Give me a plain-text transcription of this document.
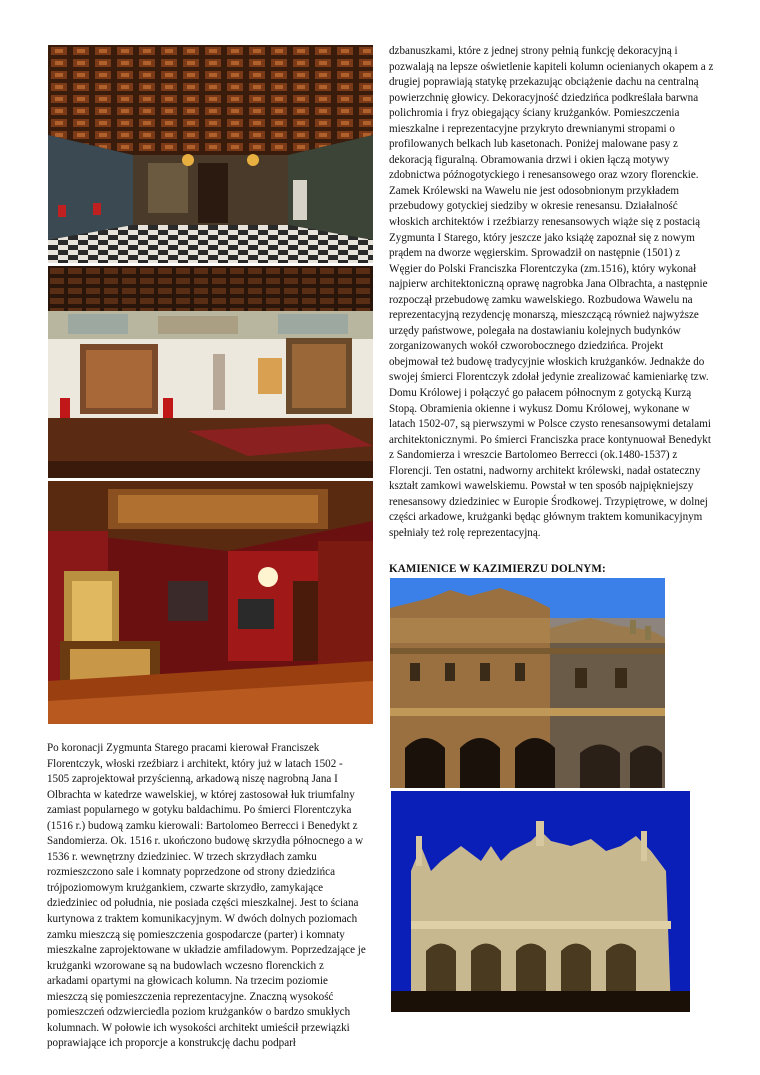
dzbanuszkami, które z jednej strony pełnią funkcję dekoracyjną i pozwalają na lepsze oświetlenie kapiteli kolumn ocienianych okapem a z drugiej poprawiają statykę przekazując obciążenie dachu na centralną powierzchnię głowicy. Dekoracyjność dziedzińca podkreślała barwna polichromia i fryz obiegający ściany krużganków. Pomieszczenia mieszkalne i reprezentacyjne przykryto drewnianymi stropami o profilowanych belkach lub kasetonach. Poniżej malowane pasy z dekoracją figuralną. Obramowania drzwi i okien łączą motywy zdobnictwa późnogotyckiego i renesansowego oraz wzory florenckie. Zamek Królewski na Wawelu nie jest odosobnionym przykładem przebudowy gotyckiej siedziby w okresie renesansu. Działalność włoskich architektów i rzeźbiarzy renesansowych wiąże się z postacią Zygmunta I Starego, który jeszcze jako książę zapoznał się z nowym prądem na dworze węgierskim. Sprowadził on następnie (1501) z Węgier do Polski Franciszka Florentczyka (zm.1516), który wykonał najpierw architektoniczną oprawę nagrobka Jana Olbrachta, a następnie rozpoczął przebudowę zamku wawelskiego. Rozbudowa Wawelu na reprezentacyjną rezydencję monarszą, mieszczącą również najwyższe urzędy państwowe, polegała na dostawianiu kolejnych budynków zorganizowanych wokół czworobocznego dziedzińca. Projekt obejmował też budowę tradycyjnie włoskich krużganków. Jednakże do swojej śmierci Florentczyk zdołał jedynie zrealizować kamieniarkę tzw. Domu Królowej i połączyć go pałacem północnym z gotycką Kurzą Stopą. Obramienia okienne i wykusz Domu Królowej, wykonane w latach 1502-07, są pierwszymi w Polsce czysto renesansowymi detalami architektonicznymi. Po śmierci Franciszka prace kontynuował Benedykt z Sandomierza i wreszcie Bartolomeo Berrecci (ok.1480-1537) z Florencji. Ten ostatni, nadworny architekt królewski, nadał ostateczny kształt zamkowi wawelskiemu. Powstał w ten sposób najpiękniejszy renesansowy dziedziniec w Europie Środkowej. Trzypiętrowe, w dolnej części arkadowe, krużganki będąc głównym traktem komunikacyjnym spełniały też rolę reprezentacyjną.

KAMIENICE W KAZIMIERZU DOLNYM:

Po koronacji Zygmunta Starego pracami kierował Franciszek Florentczyk, włoski rzeźbiarz i architekt, który już w latach 1502 - 1505 zaprojektował przyścienną, arkadową niszę nagrobną Jana I Olbrachta w katedrze wawelskiej, w której zastosował łuk triumfalny zamiast popularnego w gotyku baldachimu. Po śmierci Florentczyka (1516 r.) budową zamku kierowali: Bartolomeo Berrecci i Benedykt z Sandomierza. Ok. 1516 r. ukończono budowę skrzydła północnego a w 1536 r. wewnętrzny dziedziniec. W trzech skrzydłach zamku rozmieszczono sale i komnaty poprzedzone od strony dziedzińca trójpoziomowym krużgankiem, czwarte skrzydło, zamykające dziedziniec od południa, nie posiada części mieszkalnej. Jest to ściana kurtynowa z traktem komunikacyjnym. W dwóch dolnych poziomach zamku mieszczą się pomieszczenia gospodarcze (parter) i komnaty mieszkalne zaprojektowane w układzie amfiladowym. Poprzedzające je krużganki wzorowane są na budowlach wczesno florenckich z arkadami opartymi na głowicach kolumn. Na trzecim poziomie mieszczą się pomieszczenia reprezentacyjne. Znaczną wysokość pomieszczeń odzwierciedla poziom krużganków o bardzo smukłych kolumnach. W połowie ich wysokości architekt umieścił przewiązki poprawiające ich proporcje a konstrukcję dachu podparł
